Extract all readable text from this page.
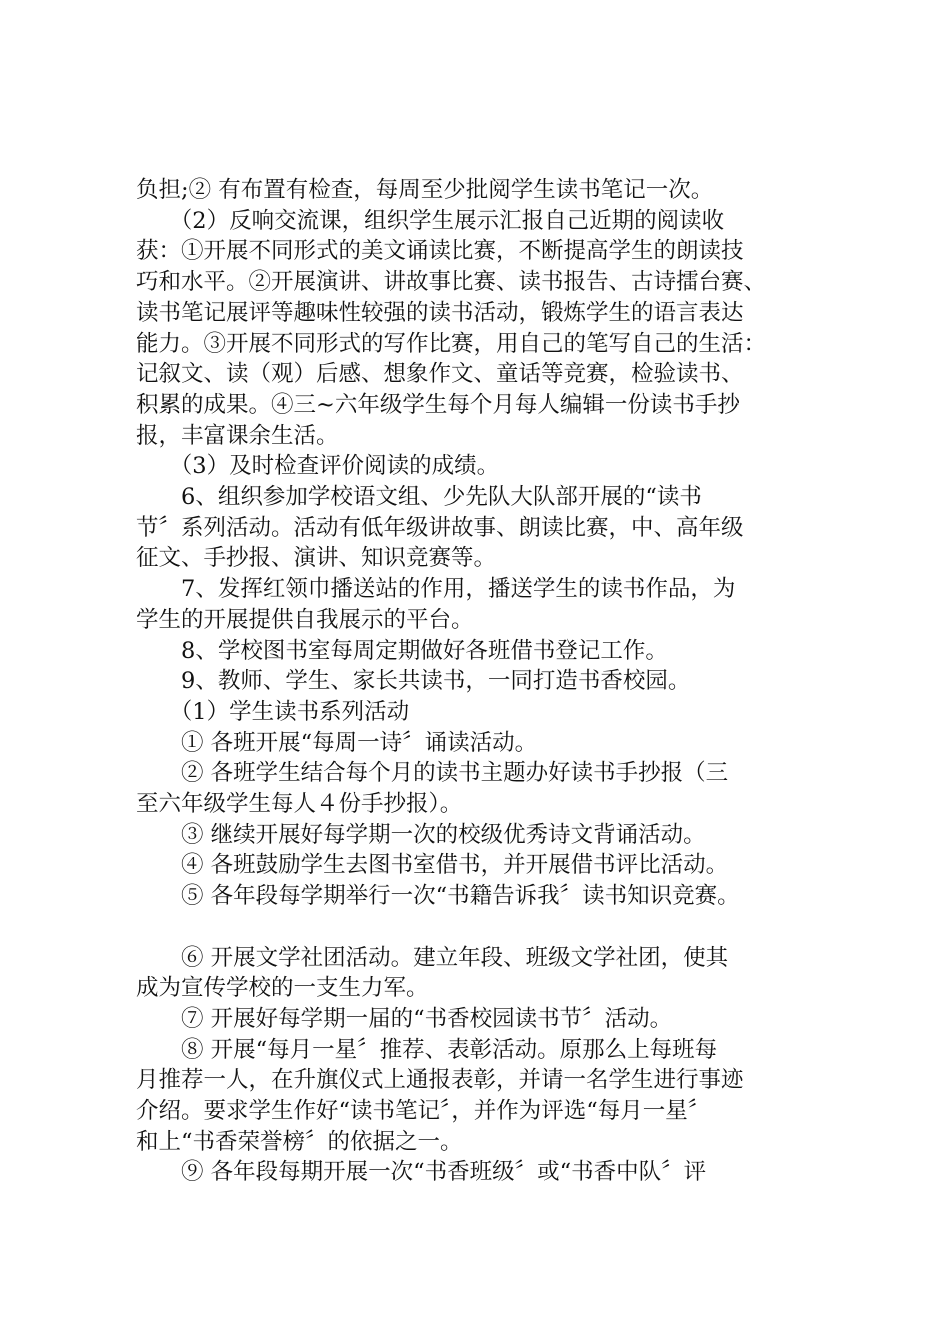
负担;② 有布置有检查，每周至少批阅学生读书笔记一次。

　　（2）反响交流课，组织学生展示汇报自己近期的阅读收

获：①开展不同形式的美文诵读比赛，不断提高学生的朗读技

巧和水平。②开展演讲、讲故事比赛、读书报告、古诗擂台赛、

读书笔记展评等趣味性较强的读书活动，锻炼学生的语言表达

能力。③开展不同形式的写作比赛，用自己的笔写自己的生活：

记叙文、读（观）后感、想象作文、童话等竞赛，检验读书、

积累的成果。④三~六年级学生每个月每人编辑一份读书手抄

报，丰富课余生活。

　　（3）及时检查评价阅读的成绩。

　　6、组织参加学校语文组、少先队大队部开展的“读书

节〞系列活动。活动有低年级讲故事、朗读比赛，中、高年级

征文、手抄报、演讲、知识竞赛等。

　　7、发挥红领巾播送站的作用，播送学生的读书作品，为

学生的开展提供自我展示的平台。

　　8、学校图书室每周定期做好各班借书登记工作。

　　9、教师、学生、家长共读书，一同打造书香校园。

　　（1）学生读书系列活动

　　① 各班开展“每周一诗〞诵读活动。

　　② 各班学生结合每个月的读书主题办好读书手抄报（三

至六年级学生每人４份手抄报）。

　　③ 继续开展好每学期一次的校级优秀诗文背诵活动。

　　④ 各班鼓励学生去图书室借书，并开展借书评比活动。

　　⑤ 各年段每学期举行一次“书籍告诉我〞读书知识竞赛。

　　⑥ 开展文学社团活动。建立年段、班级文学社团，使其

成为宣传学校的一支生力军。

　　⑦ 开展好每学期一届的“书香校园读书节〞活动。

　　⑧ 开展“每月一星〞推荐、表彰活动。原那么上每班每

月推荐一人，在升旗仪式上通报表彰，并请一名学生进行事迹

介绍。要求学生作好“读书笔记〞，并作为评选“每月一星〞

和上“书香荣誉榜〞的依据之一。

　　⑨ 各年段每期开展一次“书香班级〞或“书香中队〞评
